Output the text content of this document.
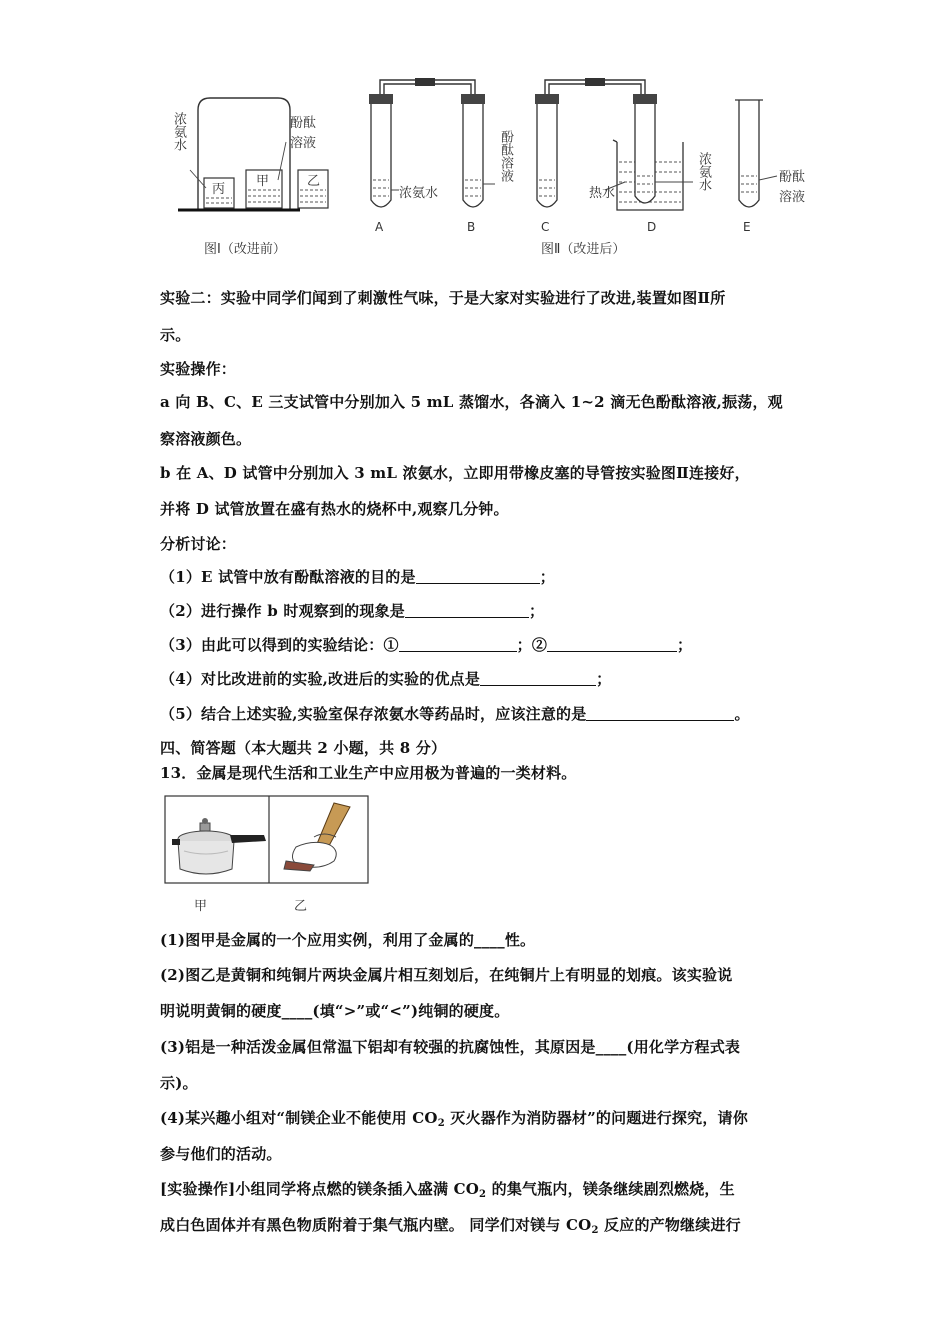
浓氨水	酚酞
溶液
丙
甲	乙
图Ⅰ（改进前）
浓氨水
酚酞溶液
热水
浓氨水	酚酞
溶液
A	B	C	D	E
图Ⅱ（改进后）
实验二：实验中同学们闻到了刺激性气味，于是大家对实验进行了改进,装置如图Ⅱ所
示。
实验操作：
a 向 B、C、E 三支试管中分别加入 5 mL 蒸馏水，各滴入 1~2 滴无色酚酞溶液,振荡，观
察溶液颜色。
b 在 A、D 试管中分别加入 3 mL 浓氨水，立即用带橡皮塞的导管按实验图Ⅱ连接好，
并将 D 试管放置在盛有热水的烧杯中,观察几分钟。
分析讨论：
（1）E 试管中放有酚酞溶液的目的是	；
（2）进行操作 b 时观察到的现象是	；
（3）由此可以得到的实验结论：①	；②	；
（4）对比改进前的实验,改进后的实验的优点是	；
（5）结合上述实验,实验室保存浓氨水等药品时，应该注意的是	。
四、简答题（本大题共 2 小题，共 8 分）
13．金属是现代生活和工业生产中应用极为普遍的一类材料。
甲	乙
(1)图甲是金属的一个应用实例，利用了金属的____性。
(2)图乙是黄铜和纯铜片两块金属片相互刻划后，在纯铜片上有明显的划痕。该实验说
明说明黄铜的硬度____(填“>”或“<”)纯铜的硬度。
(3)铝是一种活泼金属但常温下铝却有较强的抗腐蚀性，其原因是____(用化学方程式表
示)。
(4)某兴趣小组对“制镁企业不能使用 $CO_2$ 灭火器作为消防器材”的问题进行探究，请你
参与他们的活动。
[实验操作]小组同学将点燃的镁条插入盛满 $CO_2$ 的集气瓶内，镁条继续剧烈燃烧，生
成白色固体并有黑色物质附着于集气瓶内壁。 同学们对镁与 $CO_2$ 反应的产物继续进行
